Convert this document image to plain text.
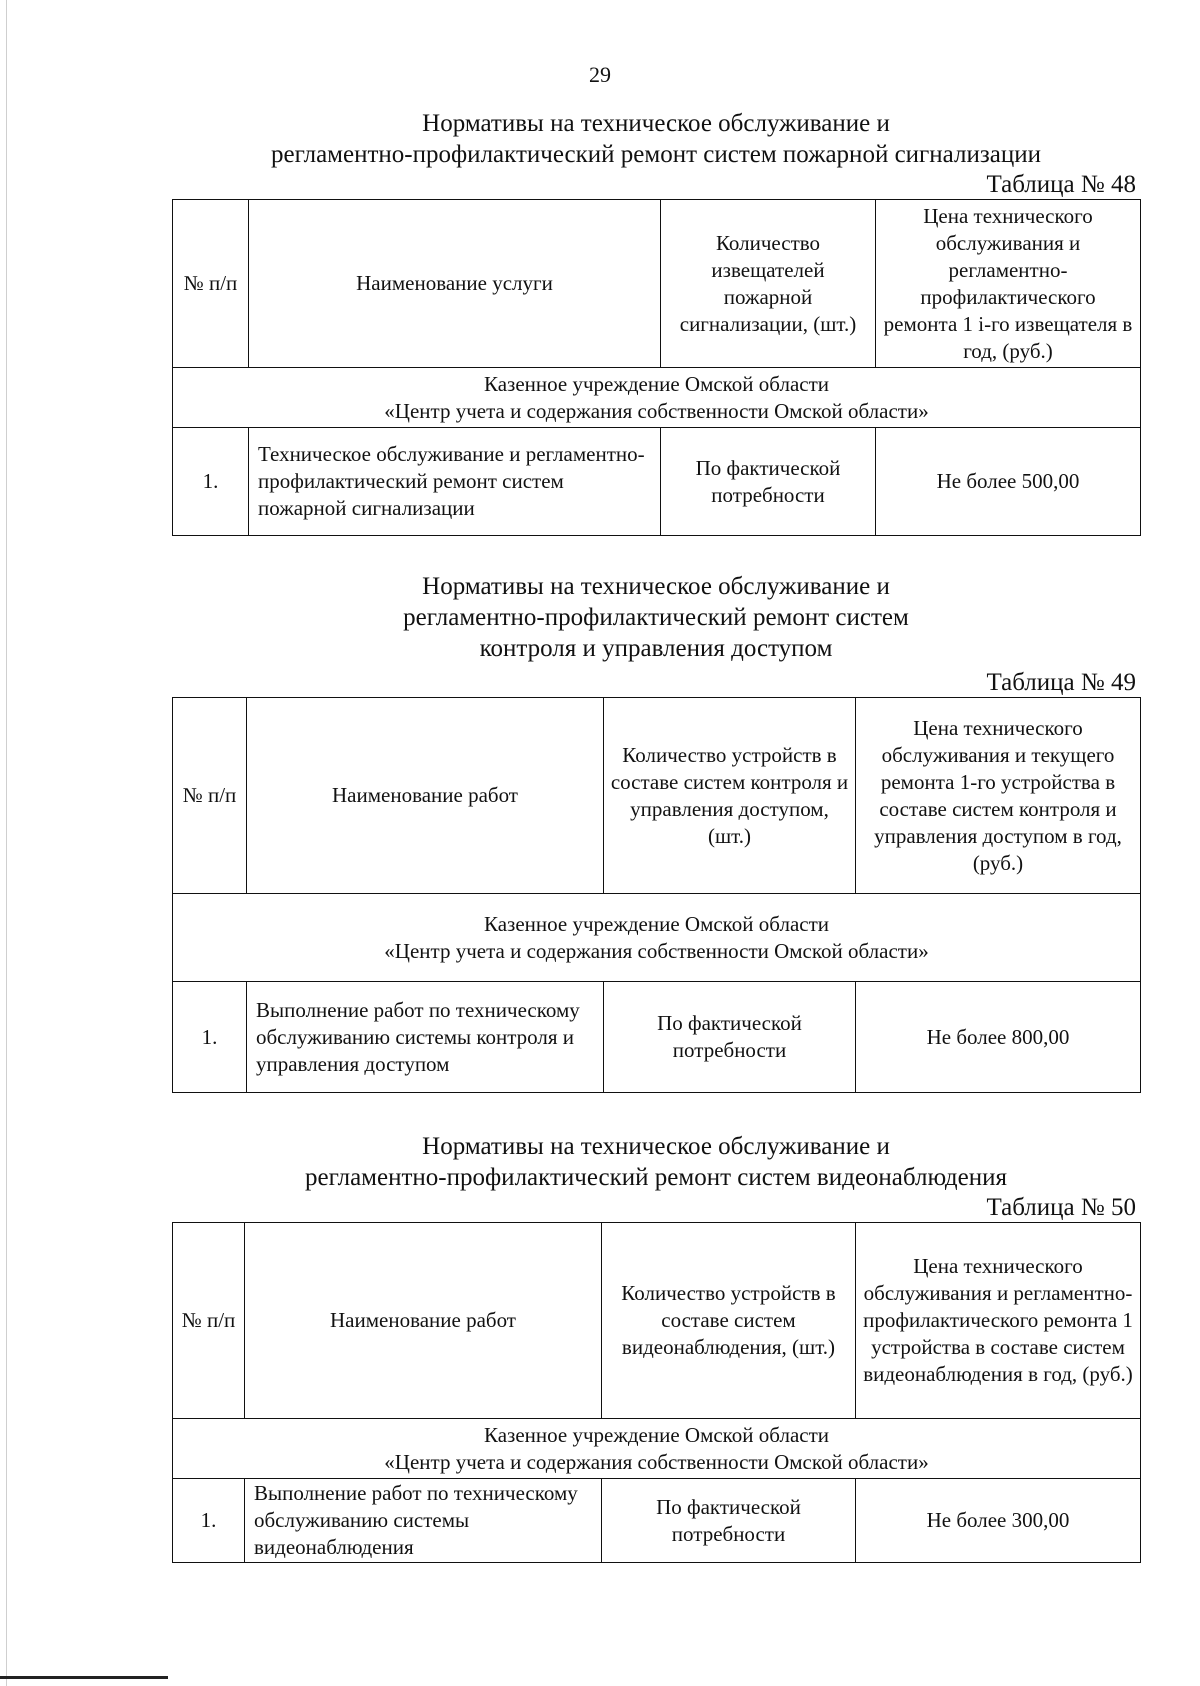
29
Нормативы на техническое обслуживание и
регламентно-профилактический ремонт систем пожарной сигнализации
Таблица № 48
№ п/п	Наименование услуги	Количество извещателей пожарной сигнализации, (шт.)	Цена технического обслуживания и регламентно-профилактического ремонта 1 i-го извещателя в год, (руб.)

Казенное учреждение Омской области
«Центр учета и содержания собственности Омской области»			

1.	Техническое обслуживание и регламентно-профилактический ремонт систем пожарной сигнализации	По фактической потребности	Не более 500,00
Нормативы на техническое обслуживание и
регламентно-профилактический ремонт систем
контроля и управления доступом
Таблица № 49
№ п/п	Наименование работ	Количество устройств в составе систем контроля и управления доступом, (шт.)	Цена технического обслуживания и текущего ремонта 1-го устройства в составе систем контроля и управления доступом в год, (руб.)

Казенное учреждение Омской области
«Центр учета и содержания собственности Омской области»			

1.	Выполнение работ по техническому обслуживанию системы контроля и управления доступом	По фактической потребности	Не более 800,00
Нормативы на техническое обслуживание и
регламентно-профилактический ремонт систем видеонаблюдения
Таблица № 50
№ п/п	Наименование работ	Количество устройств в составе систем видеонаблюдения, (шт.)	Цена технического обслуживания и регламентно-профилактического ремонта 1 устройства в составе систем видеонаблюдения в год, (руб.)

Казенное учреждение Омской области
«Центр учета и содержания собственности Омской области»			

1.	Выполнение работ по техническому обслуживанию системы видеонаблюдения	По фактической потребности	Не более 300,00
